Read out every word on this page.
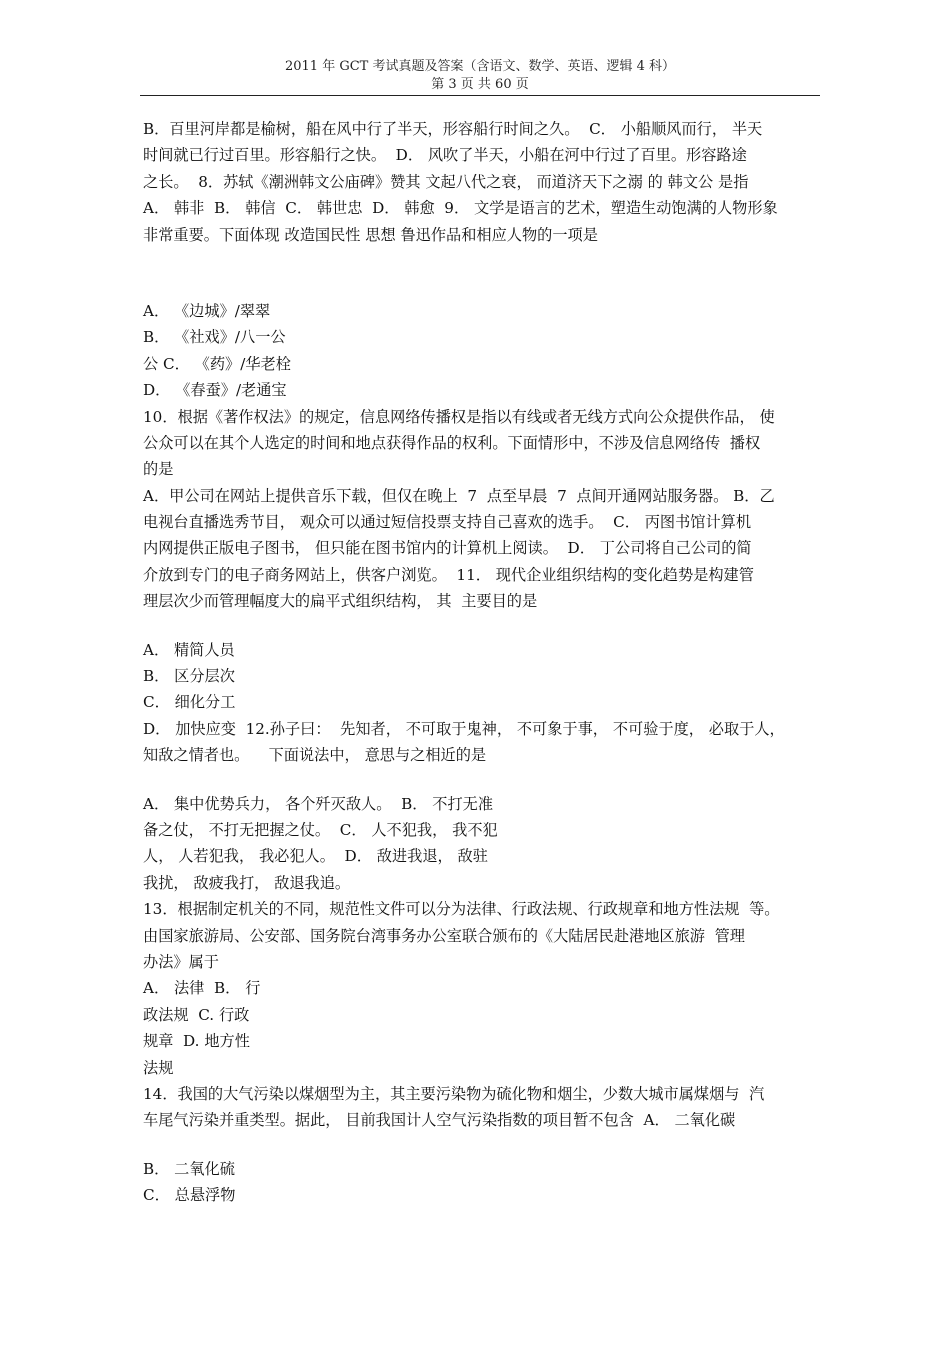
2011 年 GCT 考试真题及答案（含语文、数学、英语、逻辑 4 科）
第 3 页 共 60 页
B．百里河岸都是榆树，船在风中行了半天，形容船行时间之久。  C． 小船顺风而行， 半天
时间就已行过百里。形容船行之快。  D． 风吹了半天，小船在河中行过了百里。形容路途
之长。  8．苏轼《潮洲韩文公庙碑》赞其 文起八代之衰， 而道济天下之溺 的 韩文公 是指
A． 韩非  B． 韩信  C． 韩世忠  D． 韩愈  9． 文学是语言的艺术，塑造生动饱满的人物形象
非常重要。下面体现 改造国民性 思想 鲁迅作品和相应人物的一项是
A． 《边城》/翠翠
B． 《社戏》/八一公
公 C． 《药》/华老栓
D． 《春蚕》/老通宝
10．根据《著作权法》的规定，信息网络传播权是指以有线或者无线方式向公众提供作品， 使
公众可以在其个人选定的时间和地点获得作品的权利。下面情形中，不涉及信息网络传  播权
的是
A．甲公司在网站上提供音乐下载，但仅在晚上  7  点至早晨  7  点间开通网站服务器。 B．乙
电视台直播选秀节目， 观众可以通过短信投票支持自己喜欢的选手。  C． 丙图书馆计算机
内网提供正版电子图书， 但只能在图书馆内的计算机上阅读。  D． 丁公司将自己公司的简
介放到专门的电子商务网站上，供客户浏览。  11． 现代企业组织结构的变化趋势是构建管
理层次少而管理幅度大的扁平式组织结构， 其  主要目的是
A． 精简人员
B． 区分层次
C． 细化分工
D． 加快应变  12.孙子曰：  先知者， 不可取于鬼神， 不可象于事， 不可验于度， 必取于人，
知敌之情者也。    下面说法中， 意思与之相近的是
A． 集中优势兵力， 各个歼灭敌人。  B． 不打无准
备之仗， 不打无把握之仗。  C． 人不犯我， 我不犯
人， 人若犯我， 我必犯人。  D． 敌进我退， 敌驻
我扰， 敌疲我打， 敌退我追。
13．根据制定机关的不同，规范性文件可以分为法律、行政法规、行政规章和地方性法规  等。
由国家旅游局、公安部、国务院台湾事务办公室联合颁布的《大陆居民赴港地区旅游  管理
办法》属于
A． 法律  B． 行
政法规  C. 行政
规章  D. 地方性
法规
14．我国的大气污染以煤烟型为主，其主要污染物为硫化物和烟尘，少数大城市属煤烟与  汽
车尾气污染并重类型。据此， 目前我国计人空气污染指数的项目暂不包含  A． 二氧化碳
B． 二氧化硫
C． 总悬浮物
